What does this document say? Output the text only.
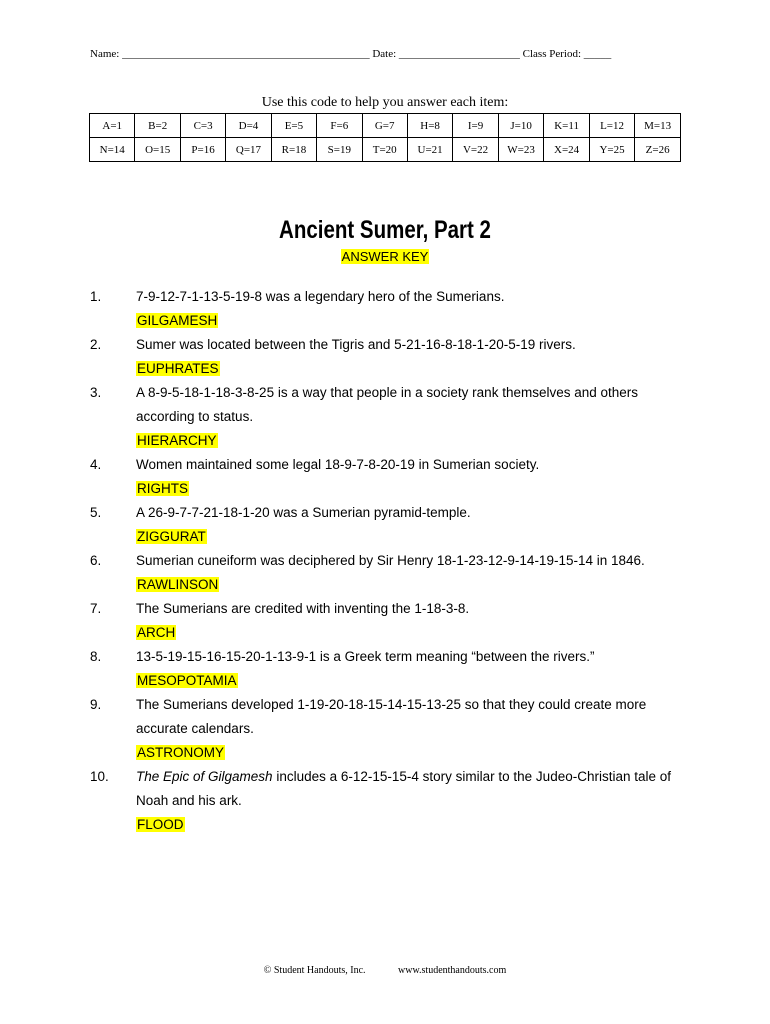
Name: _____________________________________________ Date: ______________________ Class Period: _____
Use this code to help you answer each item:
A=1	B=2	C=3	D=4	E=5	F=6	G=7	H=8	I=9	J=10	K=11	L=12	M=13
N=14	O=15	P=16	Q=17	R=18	S=19	T=20	U=21	V=22	W=23	X=24	Y=25	Z=26
Ancient Sumer, Part 2
ANSWER KEY
1.	7-9-12-7-1-13-5-19-8 was a legendary hero of the Sumerians.
GILGAMESH
2.	Sumer was located between the Tigris and 5-21-16-8-18-1-20-5-19 rivers.
EUPHRATES
3.	A 8-9-5-18-1-18-3-8-25 is a way that people in a society rank themselves and others
according to status.
HIERARCHY
4.	Women maintained some legal 18-9-7-8-20-19 in Sumerian society.
RIGHTS
5.	A 26-9-7-7-21-18-1-20 was a Sumerian pyramid-temple.
ZIGGURAT
6.	Sumerian cuneiform was deciphered by Sir Henry 18-1-23-12-9-14-19-15-14 in 1846.
RAWLINSON
7.	The Sumerians are credited with inventing the 1-18-3-8.
ARCH
8.	13-5-19-15-16-15-20-1-13-9-1 is a Greek term meaning “between the rivers.”
MESOPOTAMIA
9.	The Sumerians developed 1-19-20-18-15-14-15-13-25 so that they could create more
accurate calendars.
ASTRONOMY
10. The Epic of Gilgamesh includes a 6-12-15-15-4 story similar to the Judeo-Christian tale of
Noah and his ark.
FLOOD
© Student Handouts, Inc.	www.studenthandouts.com
